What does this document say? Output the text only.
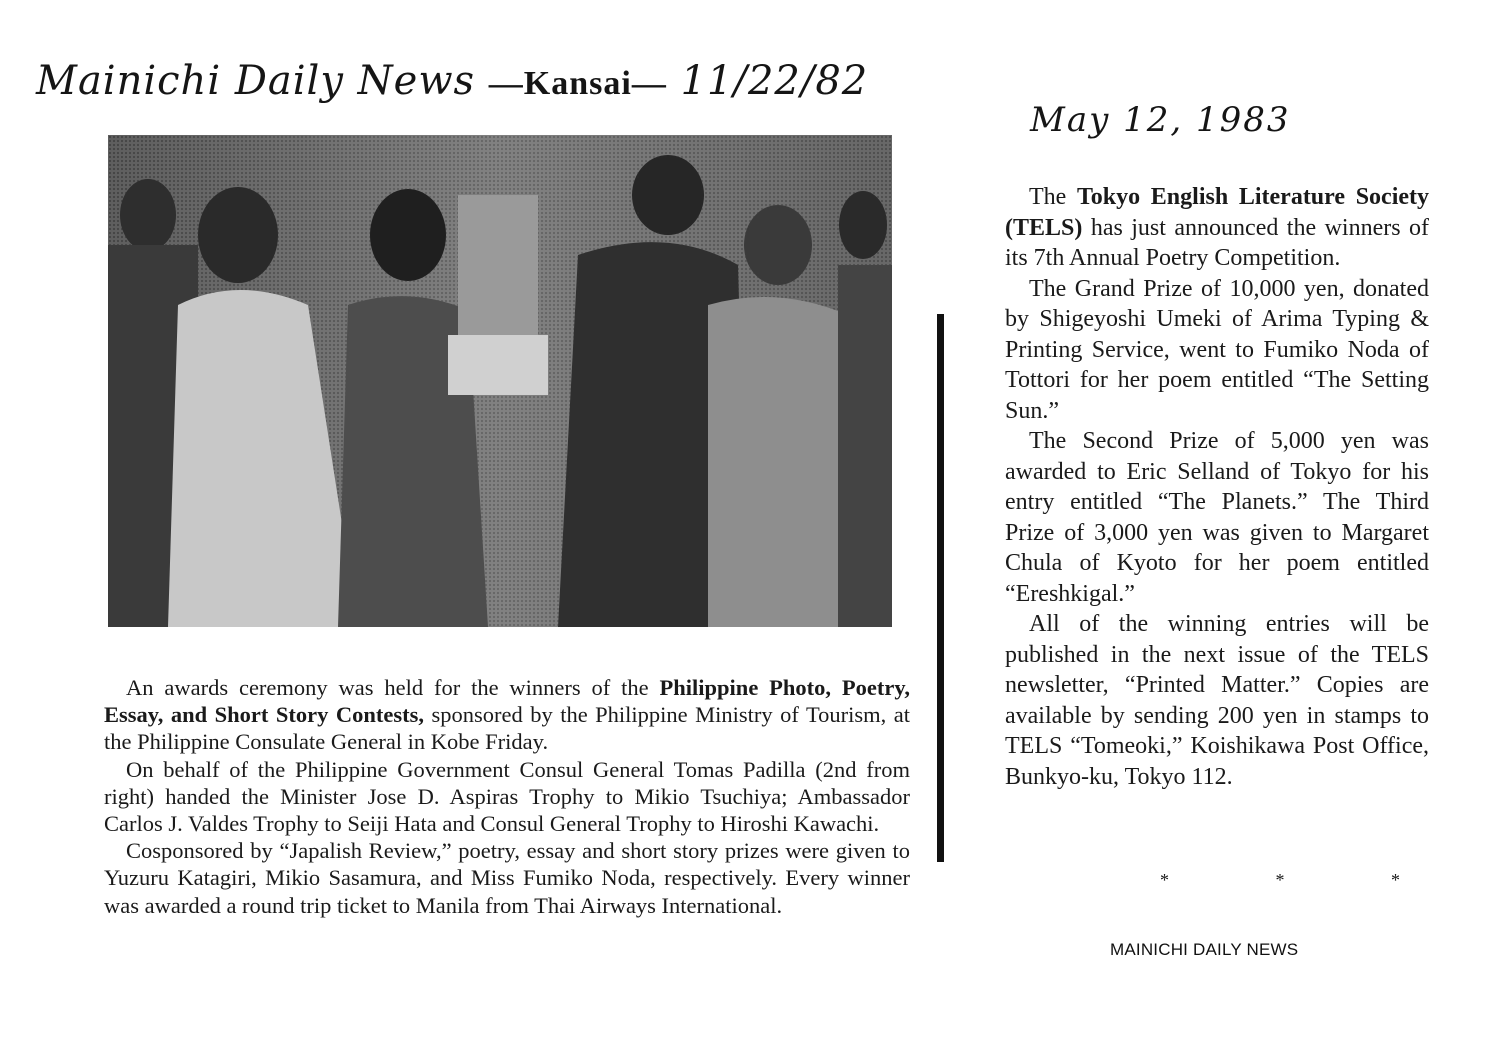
Mainichi Daily News —Kansai— 11/22/82
May 12, 1983

An awards ceremony was held for the winners of the Philippine Photo, Poetry, Essay, and Short Story Contests, sponsored by the Philippine Ministry of Tourism, at the Philippine Consulate General in Kobe Friday.

On behalf of the Philippine Government Consul General Tomas Padilla (2nd from right) handed the Minister Jose D. Aspiras Trophy to Mikio Tsuchiya; Ambassador Carlos J. Valdes Trophy to Seiji Hata and Consul General Trophy to Hiroshi Kawachi.

Cosponsored by “Japalish Review,” poetry, essay and short story prizes were given to Yuzuru Katagiri, Mikio Sasamura, and Miss Fumiko Noda, respectively. Every winner was awarded a round trip ticket to Manila from Thai Airways International.

The Tokyo English Literature Society (TELS) has just announced the winners of its 7th Annual Poetry Competition.

The Grand Prize of 10,000 yen, donated by Shigeyoshi Umeki of Arima Typing & Printing Service, went to Fumiko Noda of Tottori for her poem entitled “The Setting Sun.”

The Second Prize of 5,000 yen was awarded to Eric Selland of Tokyo for his entry entitled “The Planets.” The Third Prize of 3,000 yen was given to Margaret Chula of Kyoto for her poem entitled “Ereshkigal.”

All of the winning entries will be published in the next issue of the TELS newsletter, “Printed Matter.” Copies are available by sending 200 yen in stamps to TELS “Tomeoki,” Koishikawa Post Office, Bunkyo-ku, Tokyo 112.

*	*	*
MAINICHI DAILY NEWS
